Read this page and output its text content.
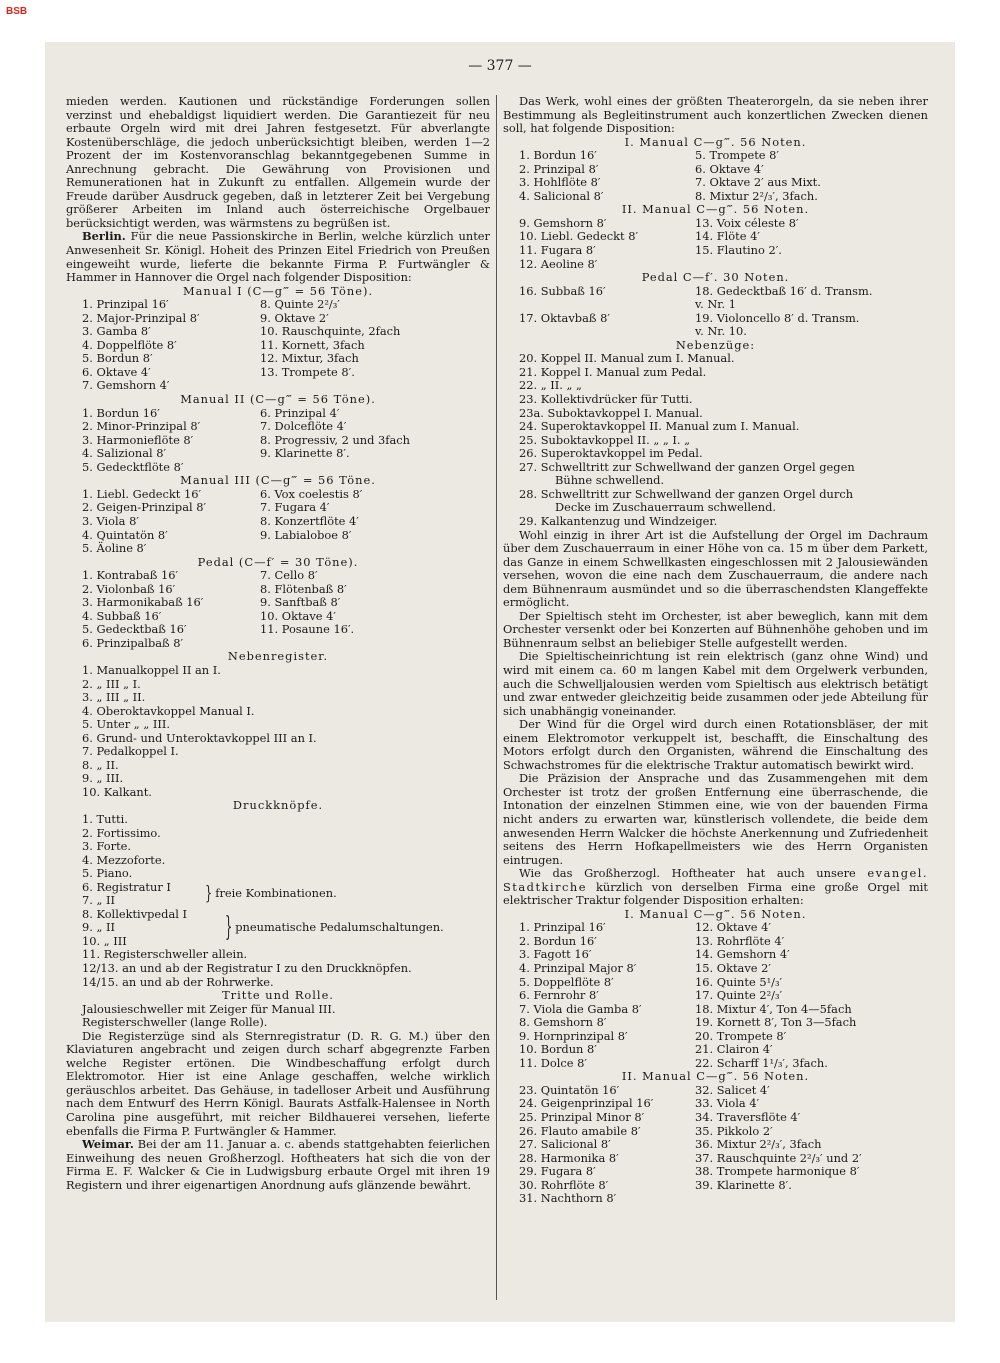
BSB
— 377 —

mieden werden. Kautionen und rückständige Forderungen sollen verzinst und ehebaldigst liquidiert werden. Die Garantiezeit für neu erbaute Orgeln wird mit drei Jahren festgesetzt. Für abverlangte Kostenüberschläge, die jedoch unberücksichtigt bleiben, werden 1—2 Prozent der im Kostenvoranschlag bekanntgegebenen Summe in Anrechnung gebracht. Die Gewährung von Provisionen und Remunerationen hat in Zukunft zu entfallen. Allgemein wurde der Freude darüber Ausdruck gegeben, daß in letzterer Zeit bei Vergebung größerer Arbeiten im Inland auch österreichische Orgelbauer berücksichtigt werden, was wärmstens zu begrüßen ist.

Berlin. Für die neue Passionskirche in Berlin, welche kürzlich unter Anwesenheit Sr. Königl. Hoheit des Prinzen Eitel Friedrich von Preußen eingeweiht wurde, lieferte die bekannte Firma P. Furtwängler & Hammer in Hannover die Orgel nach folgender Disposition:

Manual I (C—g‴ = 56 Töne).
1. Prinzipal 16′	8. Quinte 2²/₃′
2. Major-Prinzipal 8′	9. Oktave 2′
3. Gamba 8′	10. Rauschquinte, 2fach
4. Doppelflöte 8′	11. Kornett, 3fach
5. Bordun 8′	12. Mixtur, 3fach
6. Oktave 4′	13. Trompete 8′.
7. Gemshorn 4′
Manual II (C—g‴ = 56 Töne).
1. Bordun 16′	6. Prinzipal 4′
2. Minor-Prinzipal 8′	7. Dolceflöte 4′
3. Harmonieflöte 8′	8. Progressiv, 2 und 3fach
4. Salizional 8′	9. Klarinette 8′.
5. Gedecktflöte 8′
Manual III (C—g‴ = 56 Töne.
1. Liebl. Gedeckt 16′	6. Vox coelestis 8′
2. Geigen-Prinzipal 8′	7. Fugara 4′
3. Viola 8′	8. Konzertflöte 4′
4. Quintatön 8′	9. Labialoboe 8′
5. Äoline 8′
Pedal (C—f′ = 30 Töne).
1. Kontrabaß 16′	7. Cello 8′
2. Violonbaß 16′	8. Flötenbaß 8′
3. Harmonikabaß 16′	9. Sanftbaß 8′
4. Subbaß 16′	10. Oktave 4′
5. Gedecktbaß 16′	11. Posaune 16′.
6. Prinzipalbaß 8′
Nebenregister.
1. Manualkoppel II an I.
2. „ III „ I.
3. „ III „ II.
4. Oberoktavkoppel Manual I.
5. Unter „ „ III.
6. Grund- und Unteroktavkoppel III an I.
7. Pedalkoppel I.
8. „ II.
9. „ III.
10. Kalkant.
Druckknöpfe.
1. Tutti.
2. Fortissimo.
3. Forte.
4. Mezzoforte.
5. Piano.
6. Registratur I
7. „ II	} freie Kombinationen.
8. Kollektivpedal I
9. „ II
10. „ III	} pneumatische Pedalumschaltungen.
11. Registerschweller allein.
12/13. an und ab der Registratur I zu den Druckknöpfen.
14/15. an und ab der Rohrwerke.
Tritte und Rolle.
Jalousieschweller mit Zeiger für Manual III.
Registerschweller (lange Rolle).

Die Registerzüge sind als Sternregistratur (D. R. G. M.) über den Klaviaturen angebracht und zeigen durch scharf abgegrenzte Farben welche Register ertönen. Die Windbeschaffung erfolgt durch Elektromotor. Hier ist eine Anlage geschaffen, welche wirklich geräuschlos arbeitet. Das Gehäuse, in tadelloser Arbeit und Ausführung nach dem Entwurf des Herrn Königl. Baurats Astfalk-Halensee in North Carolina pine ausgeführt, mit reicher Bildhauerei versehen, lieferte ebenfalls die Firma P. Furtwängler & Hammer.

Weimar. Bei der am 11. Januar a. c. abends stattgehabten feierlichen Einweihung des neuen Großherzogl. Hoftheaters hat sich die von der Firma E. F. Walcker & Cie in Ludwigsburg erbaute Orgel mit ihren 19 Registern und ihrer eigenartigen Anordnung aufs glänzende bewährt.

Das Werk, wohl eines der größten Theaterorgeln, da sie neben ihrer Bestimmung als Begleitinstrument auch konzertlichen Zwecken dienen soll, hat folgende Disposition:

I. Manual C—g‴. 56 Noten.
1. Bordun 16′	5. Trompete 8′
2. Prinzipal 8′	6. Oktave 4′
3. Hohlflöte 8′	7. Oktave 2′ aus Mixt.
4. Salicional 8′	8. Mixtur 2²/₃′, 3fach.
II. Manual C—g‴. 56 Noten.
9. Gemshorn 8′	13. Voix céleste 8′
10. Liebl. Gedeckt 8′	14. Flöte 4′
11. Fugara 8′	15. Flautino 2′.
12. Aeoline 8′
Pedal C—f′. 30 Noten.
16. Subbaß 16′	18. Gedecktbaß 16′ d. Transm.
v. Nr. 1
17. Oktavbaß 8′	19. Violoncello 8′ d. Transm.
v. Nr. 10.
Nebenzüge:
20. Koppel II. Manual zum I. Manual.
21. Koppel I. Manual zum Pedal.
22. „ II. „ „
23. Kollektivdrücker für Tutti.
23a. Suboktavkoppel I. Manual.
24. Superoktavkoppel II. Manual zum I. Manual.
25. Suboktavkoppel II. „ „ I. „
26. Superoktavkoppel im Pedal.
27. Schwelltritt zur Schwellwand der ganzen Orgel gegen
Bühne schwellend.
28. Schwelltritt zur Schwellwand der ganzen Orgel durch
Decke im Zuschauerraum schwellend.
29. Kalkantenzug und Windzeiger.

Wohl einzig in ihrer Art ist die Aufstellung der Orgel im Dachraum über dem Zuschauerraum in einer Höhe von ca. 15 m über dem Parkett, das Ganze in einem Schwellkasten eingeschlossen mit 2 Jalousiewänden versehen, wovon die eine nach dem Zuschauerraum, die andere nach dem Bühnenraum ausmündet und so die überraschendsten Klangeffekte ermöglicht.

Der Spieltisch steht im Orchester, ist aber beweglich, kann mit dem Orchester versenkt oder bei Konzerten auf Bühnenhöhe gehoben und im Bühnenraum selbst an beliebiger Stelle aufgestellt werden.

Die Spieltischeinrichtung ist rein elektrisch (ganz ohne Wind) und wird mit einem ca. 60 m langen Kabel mit dem Orgelwerk verbunden, auch die Schwelljalousien werden vom Spieltisch aus elektrisch betätigt und zwar entweder gleichzeitig beide zusammen oder jede Abteilung für sich unabhängig voneinander.

Der Wind für die Orgel wird durch einen Rotationsbläser, der mit einem Elektromotor verkuppelt ist, beschafft, die Einschaltung des Motors erfolgt durch den Organisten, während die Einschaltung des Schwachstromes für die elektrische Traktur automatisch bewirkt wird.

Die Präzision der Ansprache und das Zusammengehen mit dem Orchester ist trotz der großen Entfernung eine überraschende, die Intonation der einzelnen Stimmen eine, wie von der bauenden Firma nicht anders zu erwarten war, künstlerisch vollendete, die beide dem anwesenden Herrn Walcker die höchste Anerkennung und Zufriedenheit seitens des Herrn Hofkapellmeisters wie des Herrn Organisten eintrugen.

Wie das Großherzogl. Hoftheater hat auch unsere evangel. Stadtkirche kürzlich von derselben Firma eine große Orgel mit elektrischer Traktur folgender Disposition erhalten:

I. Manual C—g‴. 56 Noten.
1. Prinzipal 16′	12. Oktave 4′
2. Bordun 16′	13. Rohrflöte 4′
3. Fagott 16′	14. Gemshorn 4′
4. Prinzipal Major 8′	15. Oktave 2′
5. Doppelflöte 8′	16. Quinte 5¹/₃′
6. Fernrohr 8′	17. Quinte 2²/₃′
7. Viola die Gamba 8′	18. Mixtur 4′, Ton 4—5fach
8. Gemshorn 8′	19. Kornett 8′, Ton 3—5fach
9. Hornprinzipal 8′	20. Trompete 8′
10. Bordun 8′	21. Clairon 4′
11. Dolce 8′	22. Scharff 1¹/₃′, 3fach.
II. Manual C—g‴. 56 Noten.
23. Quintatön 16′	32. Salicet 4′
24. Geigenprinzipal 16′	33. Viola 4′
25. Prinzipal Minor 8′	34. Traversflöte 4′
26. Flauto amabile 8′	35. Pikkolo 2′
27. Salicional 8′	36. Mixtur 2²/₃′, 3fach
28. Harmonika 8′	37. Rauschquinte 2²/₃′ und 2′
29. Fugara 8′	38. Trompete harmonique 8′
30. Rohrflöte 8′	39. Klarinette 8′.
31. Nachthorn 8′
